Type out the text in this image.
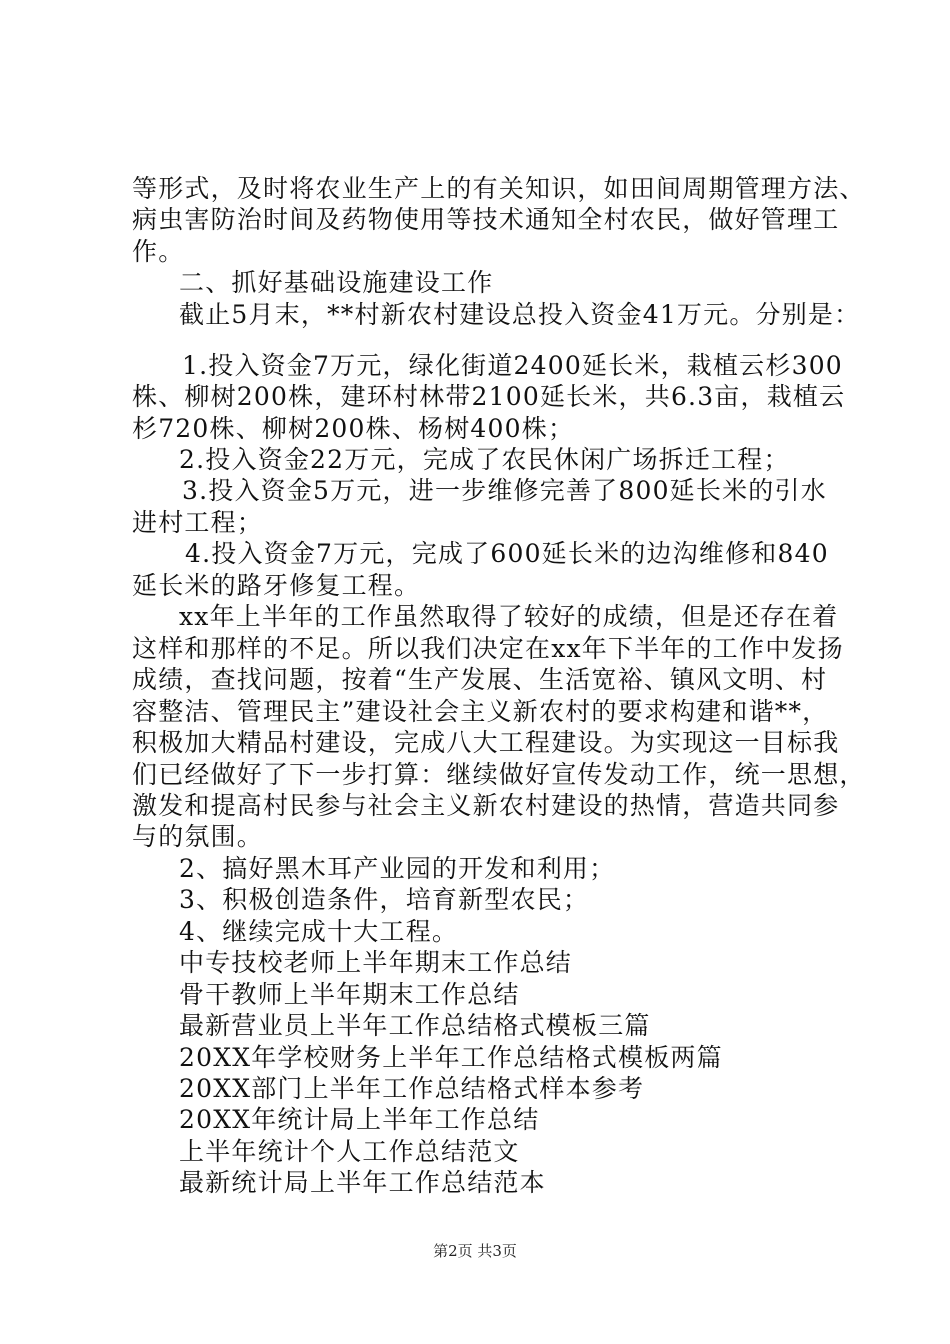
等形式，及时将农业生产上的有关知识，如田间周期管理方法、
病虫害防治时间及药物使用等技术通知全村农民，做好管理工
作。
二、抓好基础设施建设工作
截止5月末，**村新农村建设总投入资金41万元。分别是：
1.投入资金7万元，绿化街道2400延长米，栽植云杉300
株、柳树200株，建环村林带2100延长米，共6.3亩，栽植云
杉720株、柳树200株、杨树400株；
2.投入资金22万元，完成了农民休闲广场拆迁工程；
3.投入资金5万元，进一步维修完善了800延长米的引水
进村工程；
4.投入资金7万元，完成了600延长米的边沟维修和840
延长米的路牙修复工程。
xx年上半年的工作虽然取得了较好的成绩，但是还存在着
这样和那样的不足。所以我们决定在xx年下半年的工作中发扬
成绩，查找问题，按着“生产发展、生活宽裕、镇风文明、村
容整洁、管理民主”建设社会主义新农村的要求构建和谐**，
积极加大精品村建设，完成八大工程建设。为实现这一目标我
们已经做好了下一步打算：继续做好宣传发动工作，统一思想，
激发和提高村民参与社会主义新农村建设的热情，营造共同参
与的氛围。
2、搞好黑木耳产业园的开发和利用；
3、积极创造条件，培育新型农民；
4、继续完成十大工程。
中专技校老师上半年期末工作总结
骨干教师上半年期末工作总结
最新营业员上半年工作总结格式模板三篇
20XX年学校财务上半年工作总结格式模板两篇
20XX部门上半年工作总结格式样本参考
20XX年统计局上半年工作总结
上半年统计个人工作总结范文
最新统计局上半年工作总结范本
第2页 共3页
